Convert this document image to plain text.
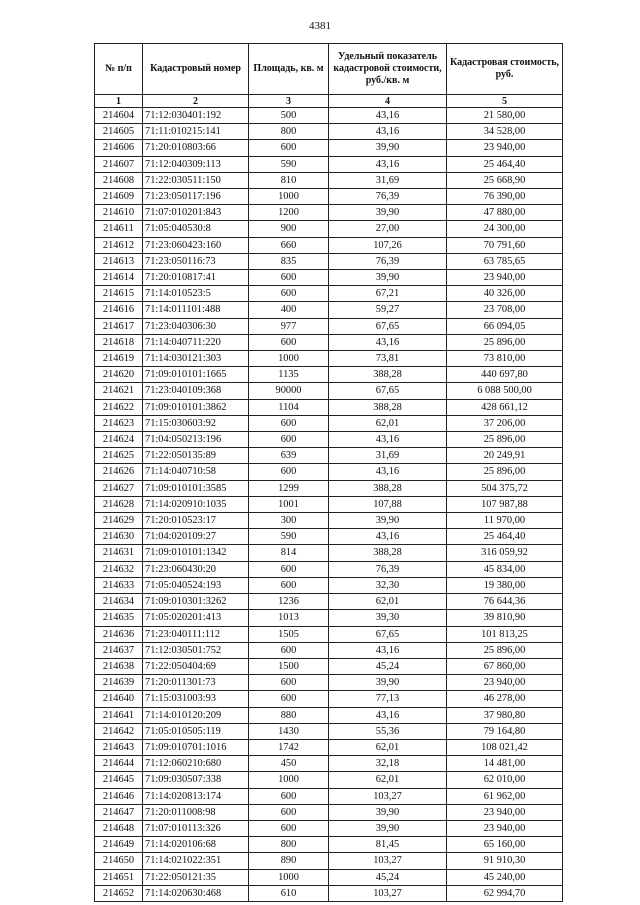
4381
№ п/п	Кадастровый номер	Площадь, кв. м	Удельный показатель кадастровой стоимости, руб./кв. м	Кадастровая стоимость, руб.
1	2	3	4	5
214604	71:12:030401:192	500	43,16	21 580,00
214605	71:11:010215:141	800	43,16	34 528,00
214606	71:20:010803:66	600	39,90	23 940,00
214607	71:12:040309:113	590	43,16	25 464,40
214608	71:22:030511:150	810	31,69	25 668,90
214609	71:23:050117:196	1000	76,39	76 390,00
214610	71:07:010201:843	1200	39,90	47 880,00
214611	71:05:040530:8	900	27,00	24 300,00
214612	71:23:060423:160	660	107,26	70 791,60
214613	71:23:050116:73	835	76,39	63 785,65
214614	71:20:010817:41	600	39,90	23 940,00
214615	71:14:010523:5	600	67,21	40 326,00
214616	71:14:011101:488	400	59,27	23 708,00
214617	71:23:040306:30	977	67,65	66 094,05
214618	71:14:040711:220	600	43,16	25 896,00
214619	71:14:030121:303	1000	73,81	73 810,00
214620	71:09:010101:1665	1135	388,28	440 697,80
214621	71:23:040109:368	90000	67,65	6 088 500,00
214622	71:09:010101:3862	1104	388,28	428 661,12
214623	71:15:030603:92	600	62,01	37 206,00
214624	71:04:050213:196	600	43,16	25 896,00
214625	71:22:050135:89	639	31,69	20 249,91
214626	71:14:040710:58	600	43,16	25 896,00
214627	71:09:010101:3585	1299	388,28	504 375,72
214628	71:14:020910:1035	1001	107,88	107 987,88
214629	71:20:010523:17	300	39,90	11 970,00
214630	71:04:020109:27	590	43,16	25 464,40
214631	71:09:010101:1342	814	388,28	316 059,92
214632	71:23:060430:20	600	76,39	45 834,00
214633	71:05:040524:193	600	32,30	19 380,00
214634	71:09:010301:3262	1236	62,01	76 644,36
214635	71:05:020201:413	1013	39,30	39 810,90
214636	71:23:040111:112	1505	67,65	101 813,25
214637	71:12:030501:752	600	43,16	25 896,00
214638	71:22:050404:69	1500	45,24	67 860,00
214639	71:20:011301:73	600	39,90	23 940,00
214640	71:15:031003:93	600	77,13	46 278,00
214641	71:14:010120:209	880	43,16	37 980,80
214642	71:05:010505:119	1430	55,36	79 164,80
214643	71:09:010701:1016	1742	62,01	108 021,42
214644	71:12:060210:680	450	32,18	14 481,00
214645	71:09:030507:338	1000	62,01	62 010,00
214646	71:14:020813:174	600	103,27	61 962,00
214647	71:20:011008:98	600	39,90	23 940,00
214648	71:07:010113:326	600	39,90	23 940,00
214649	71:14:020106:68	800	81,45	65 160,00
214650	71:14:021022:351	890	103,27	91 910,30
214651	71:22:050121:35	1000	45,24	45 240,00
214652	71:14:020630:468	610	103,27	62 994,70
